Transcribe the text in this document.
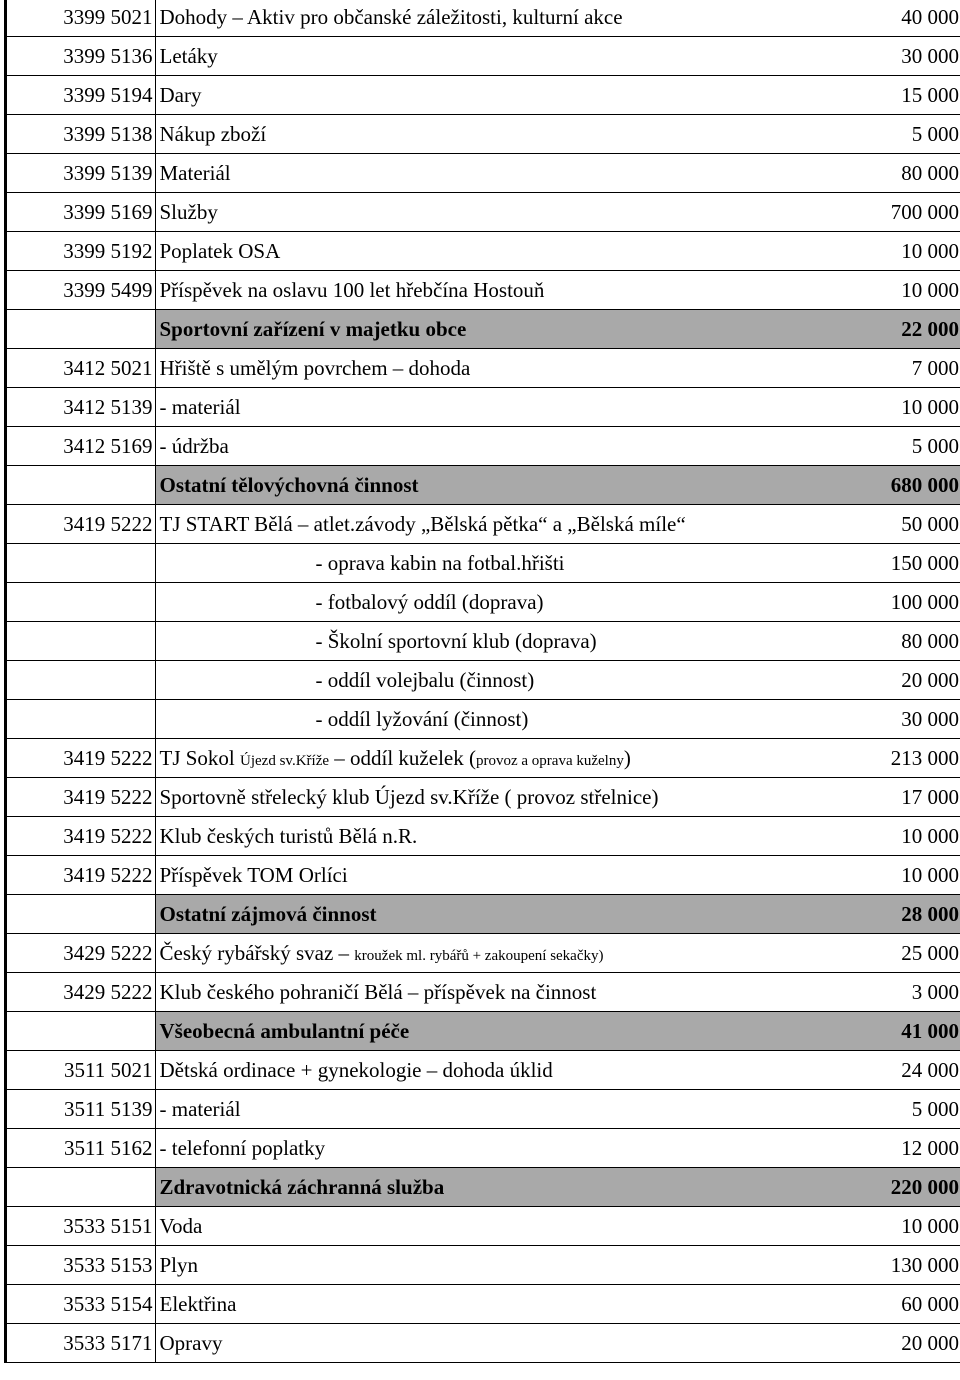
3399 5021	Dohody – Aktiv pro občanské záležitosti, kulturní akce	40 000
3399 5136	Letáky	30 000
3399 5194	Dary	15 000
3399 5138	Nákup zboží	5 000
3399 5139	Materiál	80 000
3399 5169	Služby	700 000
3399 5192	Poplatek OSA	10 000
3399 5499	Příspěvek na oslavu 100 let hřebčína Hostouň	10 000
	Sportovní zařízení v majetku obce	22 000
3412 5021	Hřiště s umělým povrchem – dohoda	7 000
3412 5139	- materiál	10 000
3412 5169	- údržba	5 000
	Ostatní tělovýchovná činnost	680 000
3419 5222	TJ START Bělá – atlet.závody „Bělská pětka“ a „Bělská míle“	50 000
	- oprava kabin na fotbal.hřišti	150 000
	- fotbalový oddíl (doprava)	100 000
	- Školní sportovní klub (doprava)	80 000
	- oddíl volejbalu (činnost)	20 000
	- oddíl lyžování (činnost)	30 000
3419 5222	TJ Sokol Újezd sv.Kříže – oddíl kuželek (provoz a oprava kuželny)	213 000
3419 5222	Sportovně střelecký klub Újezd sv.Kříže ( provoz střelnice)	17 000
3419 5222	Klub českých turistů Bělá n.R.	10 000
3419 5222	Příspěvek TOM Orlíci	10 000
	Ostatní zájmová činnost	28 000
3429 5222	Český rybářský svaz – kroužek ml. rybářů + zakoupení sekačky)	25 000
3429 5222	Klub českého pohraničí Bělá – příspěvek na činnost	3 000
	Všeobecná ambulantní péče	41 000
3511 5021	Dětská ordinace + gynekologie – dohoda úklid	24 000
3511 5139	- materiál	5 000
3511 5162	- telefonní poplatky	12 000
	Zdravotnická záchranná služba	220 000
3533 5151	Voda	10 000
3533 5153	Plyn	130 000
3533 5154	Elektřina	60 000
3533 5171	Opravy	20 000
